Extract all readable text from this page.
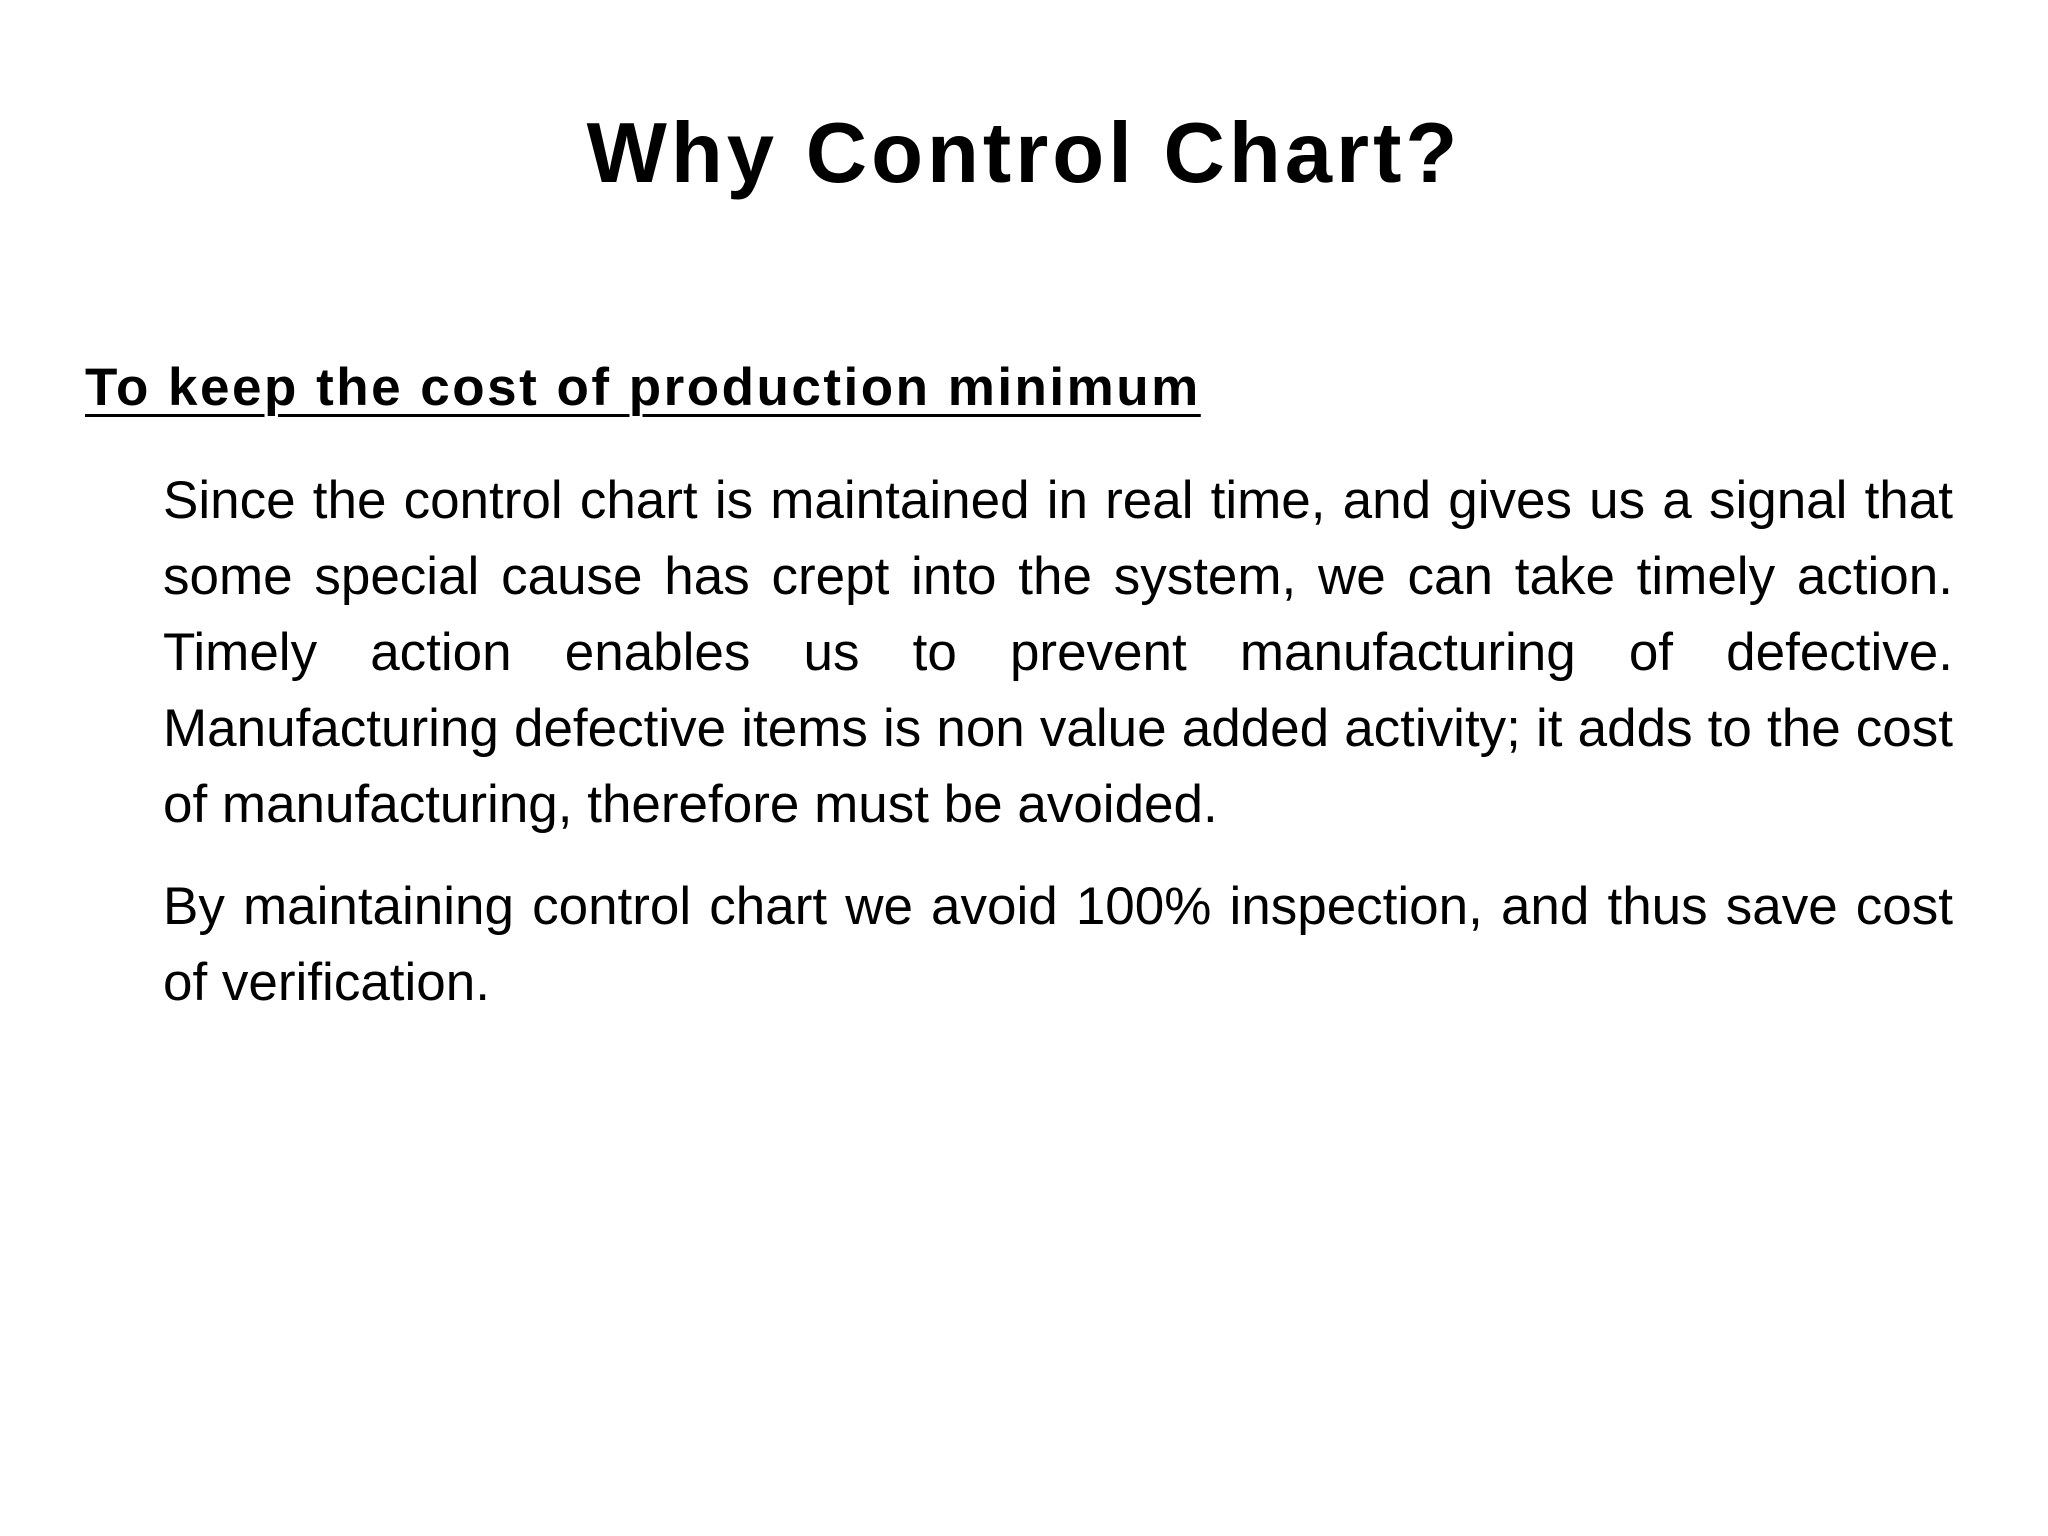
Why Control Chart?
To keep the cost of production minimum

Since the control chart is maintained in real time, and gives us a signal that some special cause has crept into the system, we can take timely action. Timely action enables us to prevent manufacturing of defective. Manufacturing defective items is non value added activity; it adds to the cost of manufacturing, therefore must be avoided.

By maintaining control chart we avoid 100% inspection, and thus save cost of verification.
